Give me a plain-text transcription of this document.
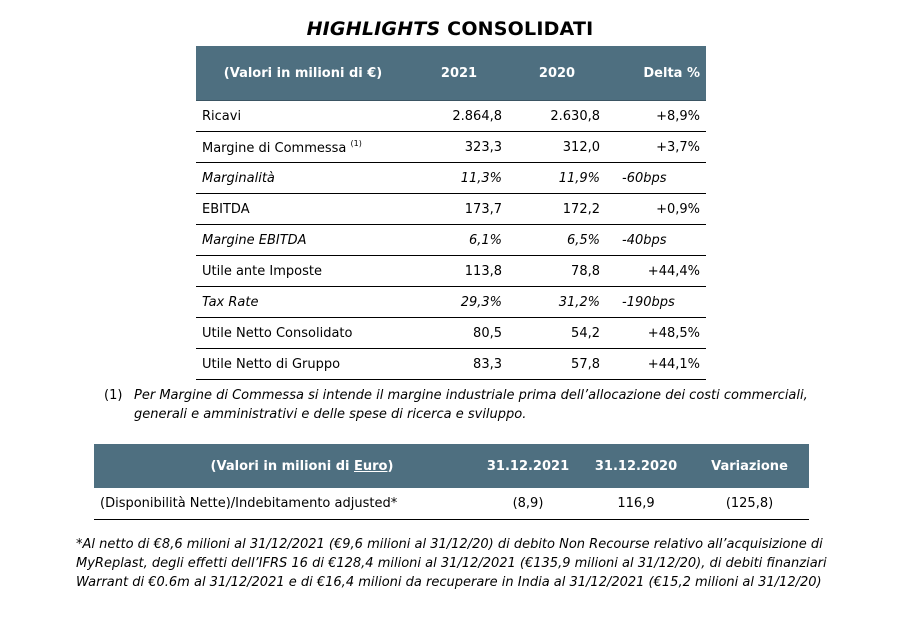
HIGHLIGHTS CONSOLIDATI
(Valori in milioni di €)	2021	2020	Delta %
Ricavi	2.864,8	2.630,8	+8,9%
Margine di Commessa $^{(1)}$	323,3	312,0	+3,7%
Marginalità	11,3%	11,9%	-60bps
EBITDA	173,7	172,2	+0,9%
Margine EBITDA	6,1%	6,5%	-40bps
Utile ante Imposte	113,8	78,8	+44,4%
Tax Rate	29,3%	31,2%	-190bps
Utile Netto Consolidato	80,5	54,2	+48,5%
Utile Netto di Gruppo	83,3	57,8	+44,1%
(1) Per Margine di Commessa si intende il margine industriale prima dell’allocazione dei costi commerciali, generali e amministrativi e delle spese di ricerca e sviluppo.
(Valori in milioni di Euro)	31.12.2021	31.12.2020	Variazione
(Disponibilità Nette)/Indebitamento adjusted*	(8,9)	116,9	(125,8)
*Al netto di €8,6 milioni al 31/12/2021 (€9,6 milioni al 31/12/20) di debito Non Recourse relativo all’acquisizione di MyReplast, degli effetti dell’IFRS 16 di €128,4 milioni al 31/12/2021 (€135,9 milioni al 31/12/20), di debiti finanziari Warrant di €0.6m al 31/12/2021 e di €16,4 milioni da recuperare in India al 31/12/2021 (€15,2 milioni al 31/12/20)
